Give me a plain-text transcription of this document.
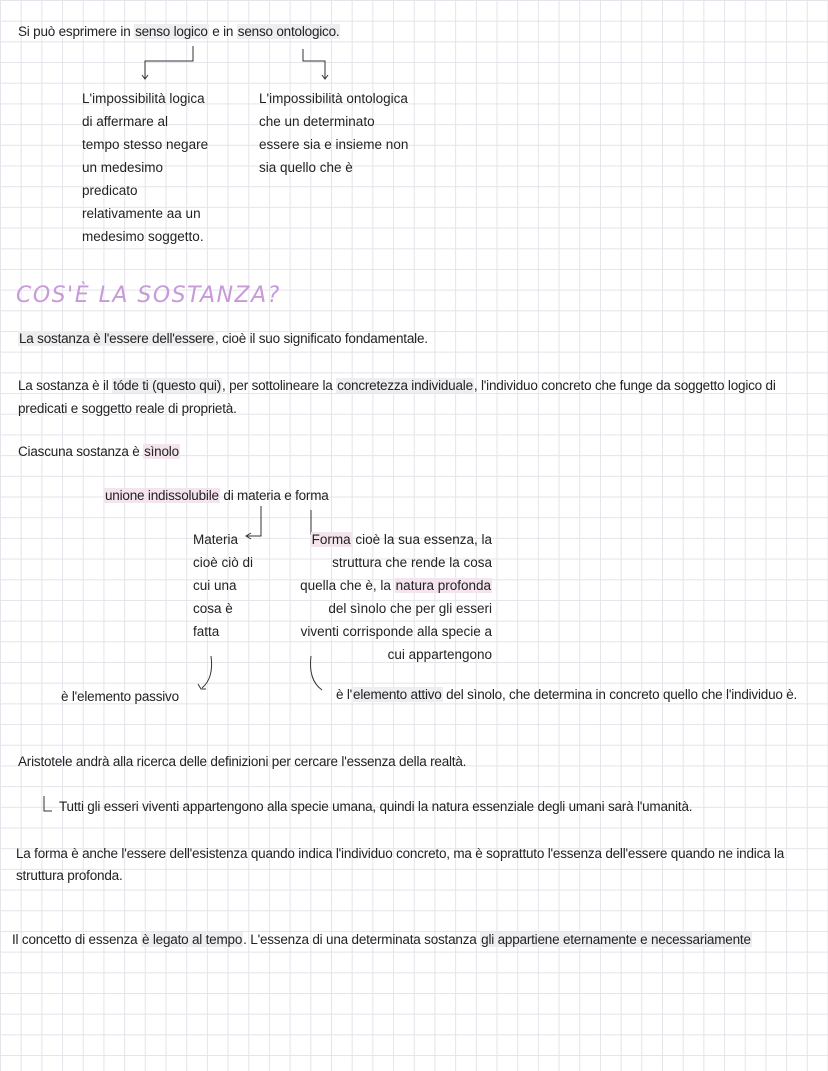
Si può esprimere in senso logico e in senso ontologico.
L'impossibilità logica
di affermare al
tempo stesso negare
un medesimo
predicato
relativamente aa un
medesimo soggetto.
L'impossibilità ontologica
che un determinato
essere sia e insieme non
sia quello che è
COS'È LA SOSTANZA?
La sostanza è l'essere dell'essere, cioè il suo significato fondamentale.
La sostanza è il tóde ti (questo qui), per sottolineare la concretezza individuale, l'individuo concreto che funge da soggetto logico di
predicati e soggetto reale di proprietà.
Ciascuna sostanza è sìnolo
unione indissolubile di materia e forma
Materia
cioè ciò di
cui una
cosa è
fatta
Forma cioè la sua essenza, la
struttura che rende la cosa
quella che è, la natura profonda
del sìnolo che per gli esseri
viventi corrisponde alla specie a
cui appartengono
è l'elemento passivo	è l'elemento attivo del sìnolo, che determina in concreto quello che l'individuo è.
Aristotele andrà alla ricerca delle definizioni per cercare l'essenza della realtà.
Tutti gli esseri viventi appartengono alla specie umana, quindi la natura essenziale degli umani sarà l'umanità.
La forma è anche l'essere dell'esistenza quando indica l'individuo concreto, ma è soprattuto l'essenza dell'essere quando ne indica la
struttura profonda.
Il concetto di essenza è legato al tempo. L'essenza di una determinata sostanza gli appartiene eternamente e necessariamente
